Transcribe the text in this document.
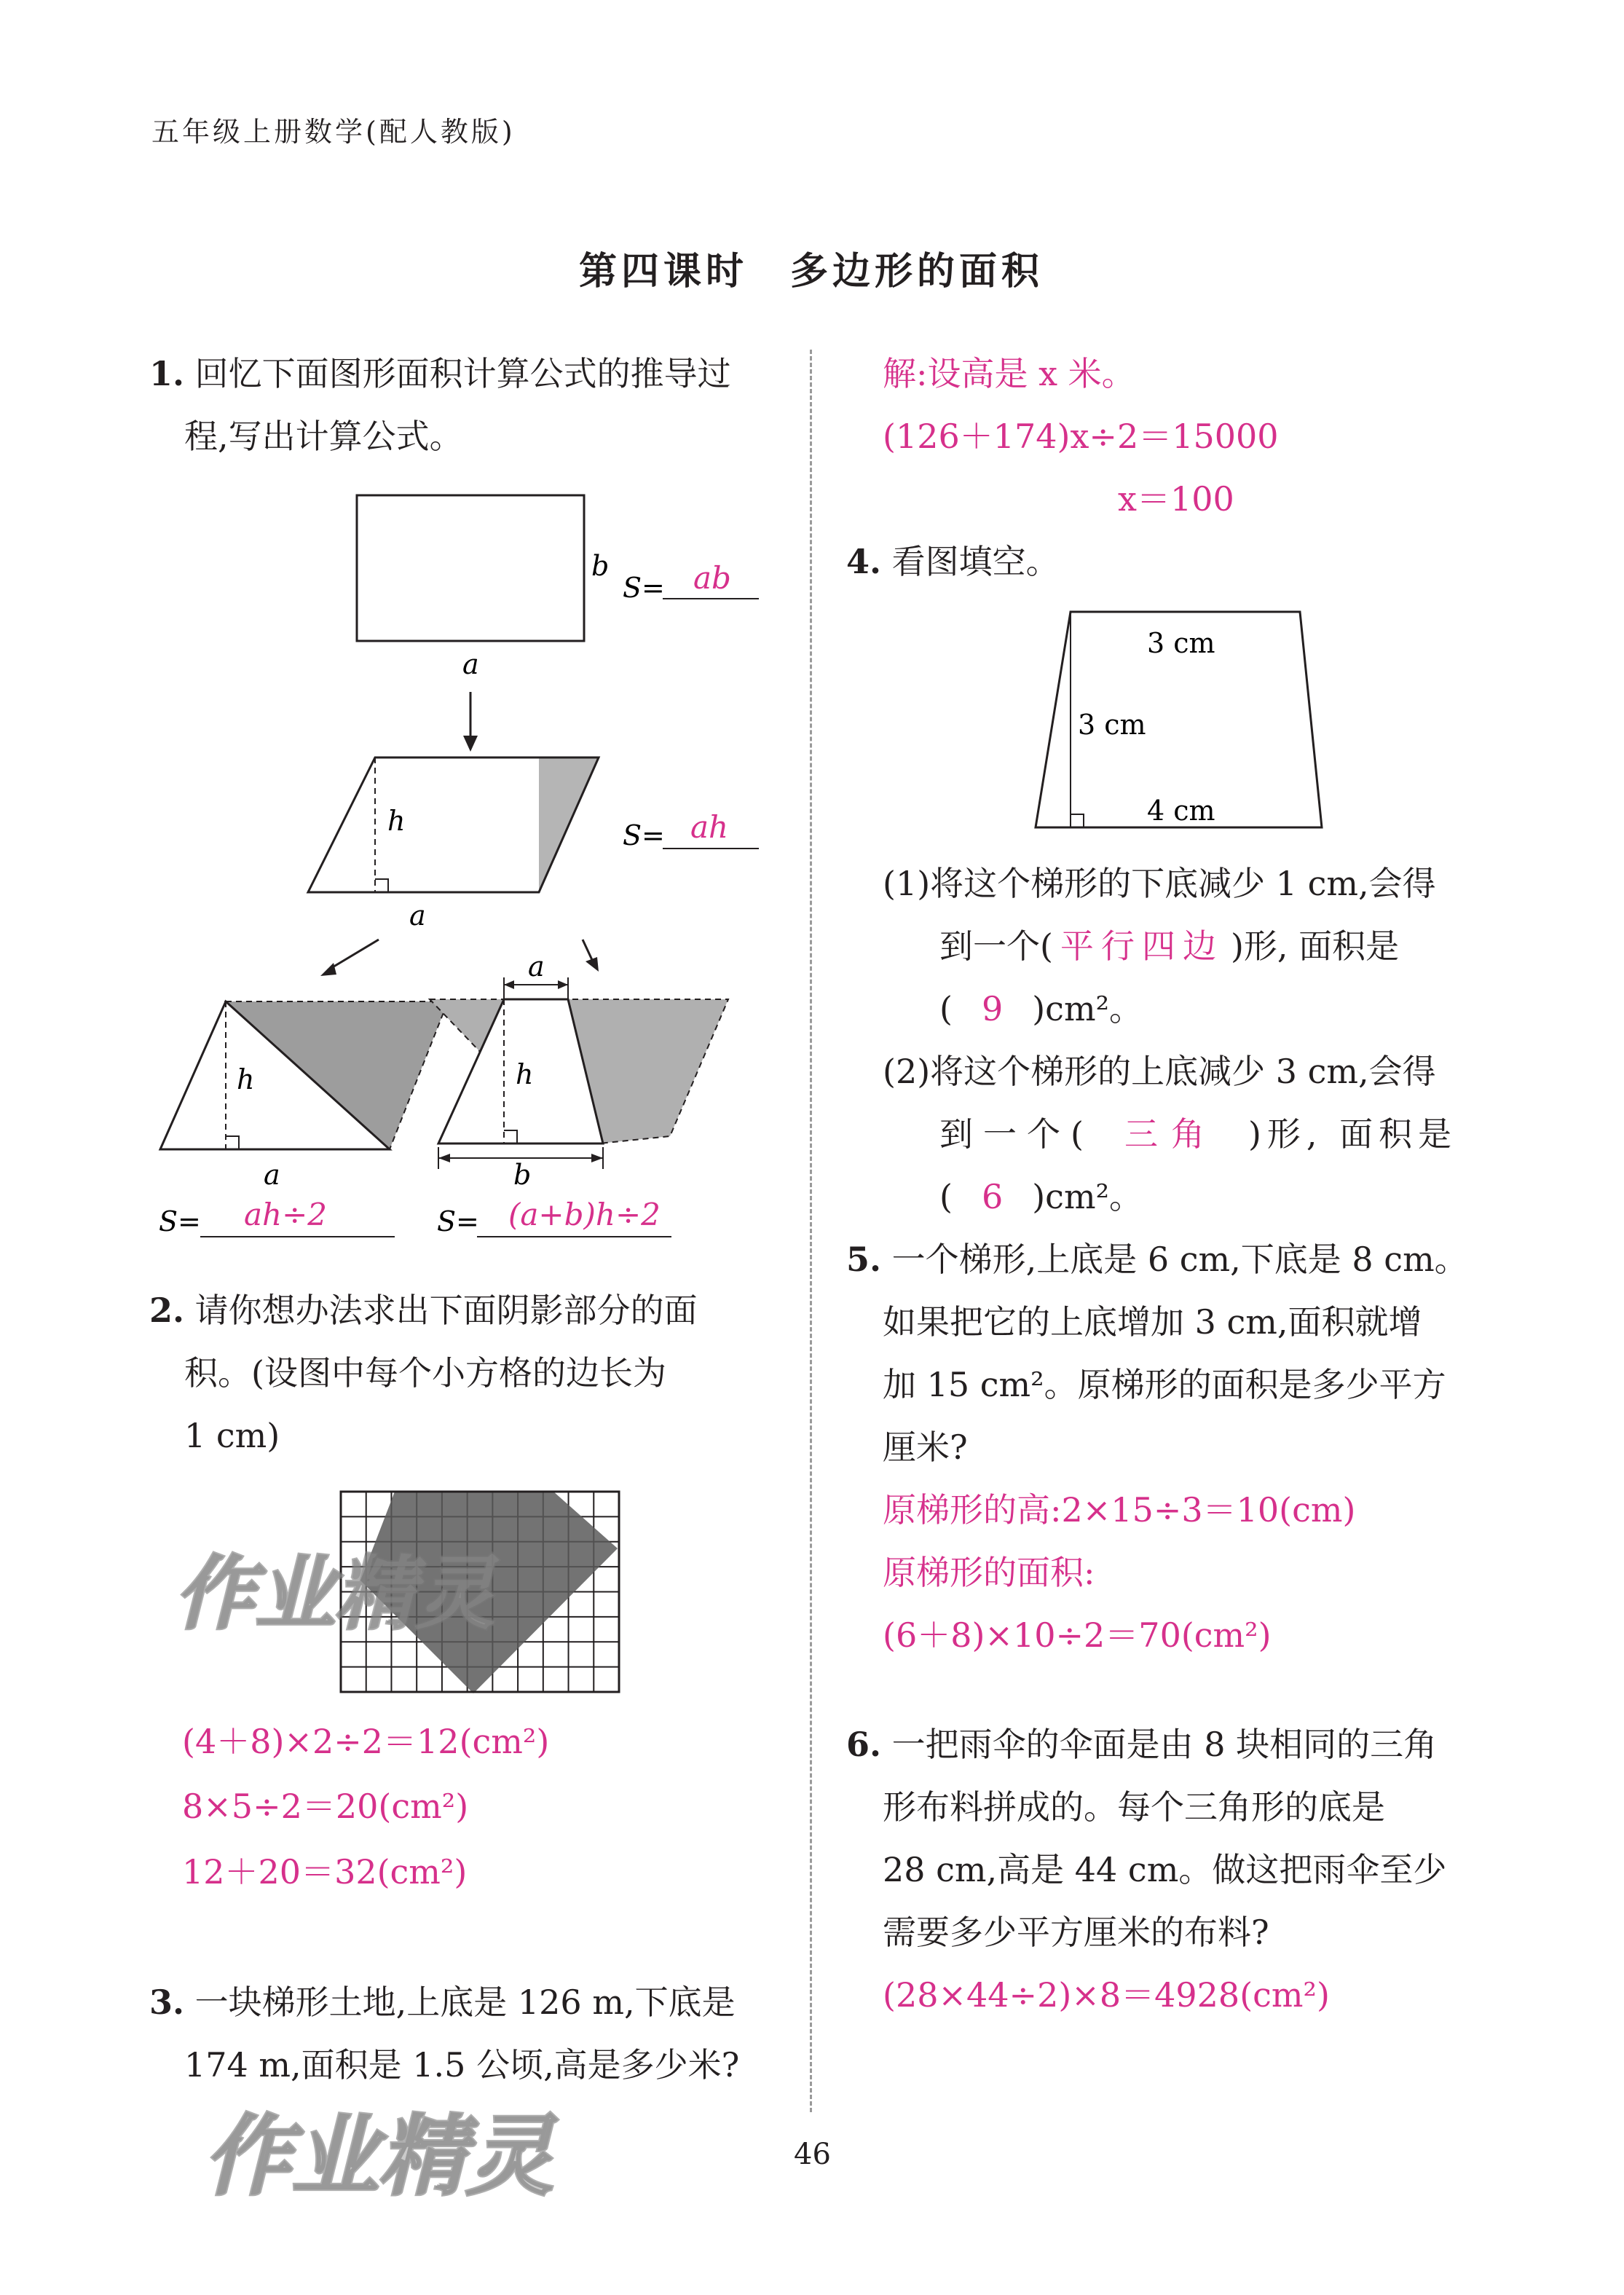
五年级上册数学(配人教版)
第四课时　多边形的面积
1. 回忆下面图形面积计算公式的推导过
程,写出计算公式。
b
a
S= ab
h
a
S= ah
h
a
h
a
b
S= ah÷2	S= (a+b)h÷2
2. 请你想办法求出下面阴影部分的面
积。(设图中每个小方格的边长为
1 cm)
(4＋8)×2÷2＝12(cm²)
8×5÷2＝20(cm²)
12＋20＝32(cm²)
3. 一块梯形土地,上底是 126 m,下底是
174 m,面积是 1.5 公顷,高是多少米?
解:设高是 x 米。
(126＋174)x÷2＝15000
x＝100
4. 看图填空。
3 cm
3 cm
4 cm
(1)将这个梯形的下底减少 1 cm,会得
到一个( 平行四边 )形, 面积是
( 9 )cm²。
(2)将这个梯形的上底减少 3 cm,会得
到一个( 三角 )形, 面积是
( 6 )cm²。
5. 一个梯形,上底是 6 cm,下底是 8 cm。
如果把它的上底增加 3 cm,面积就增
加 15 cm²。原梯形的面积是多少平方
厘米?
原梯形的高:2×15÷3＝10(cm)
原梯形的面积:
(6＋8)×10÷2＝70(cm²)
6. 一把雨伞的伞面是由 8 块相同的三角
形布料拼成的。每个三角形的底是
28 cm,高是 44 cm。做这把雨伞至少
需要多少平方厘米的布料?
(28×44÷2)×8＝4928(cm²)
46
作业精灵
作业精灵
